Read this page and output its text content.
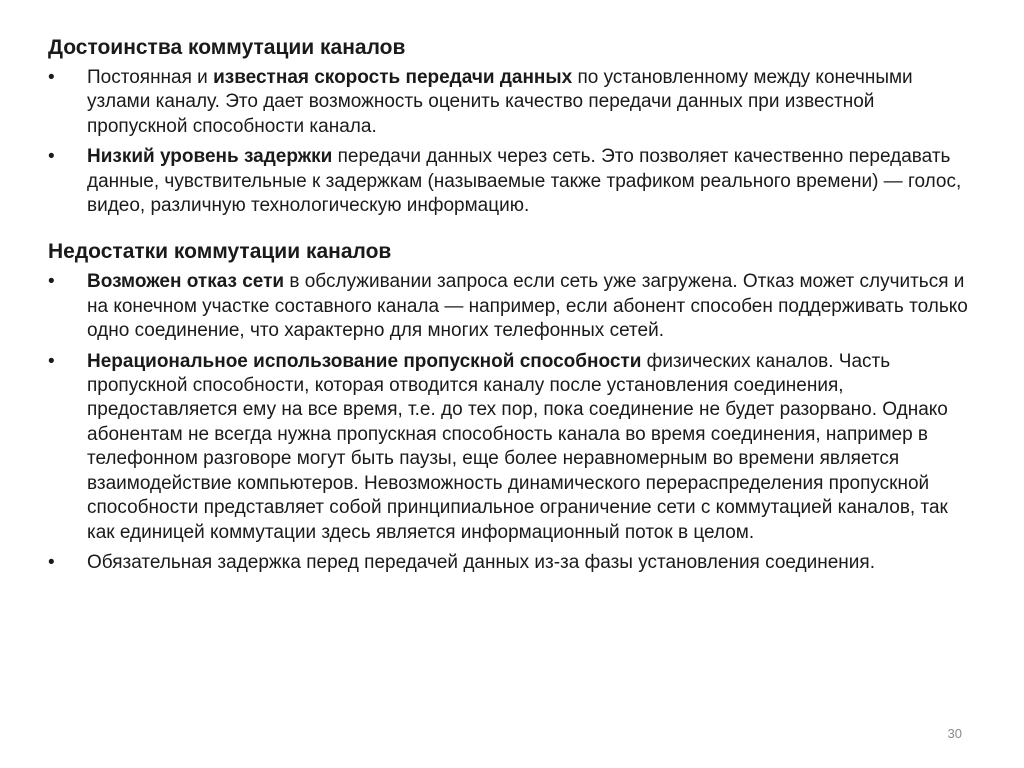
Достоинства коммутации каналов
•	Постоянная и известная скорость передачи данных по установленному между конечными узлами каналу. Это дает возможность оценить качество передачи данных при известной пропускной способности канала.
•	Низкий уровень задержки передачи данных через сеть. Это позволяет качественно передавать данные, чувствительные к задержкам (называемые также трафиком реального времени) — голос, видео, различную технологическую информацию.
Недостатки коммутации каналов
•	Возможен отказ сети в обслуживании запроса если сеть уже загружена. Отказ может случиться и на конечном участке составного канала — например, если абонент способен поддерживать только одно соединение, что характерно для многих телефонных сетей.
•	Нерациональное использование пропускной способности физических каналов. Часть пропускной способности, которая отводится каналу после установления соединения, предоставляется ему на все время, т.е. до тех пор, пока соединение не будет разорвано. Однако абонентам не всегда нужна пропускная способность канала во время соединения, например в телефонном разговоре могут быть паузы, еще более неравномерным во времени является взаимодействие компьютеров. Невозможность динамического перераспределения пропускной способности представляет собой принципиальное ограничение сети с коммутацией каналов, так как единицей коммутации здесь является информационный поток в целом.
•	Обязательная задержка перед передачей данных из-за фазы установления соединения.
30
